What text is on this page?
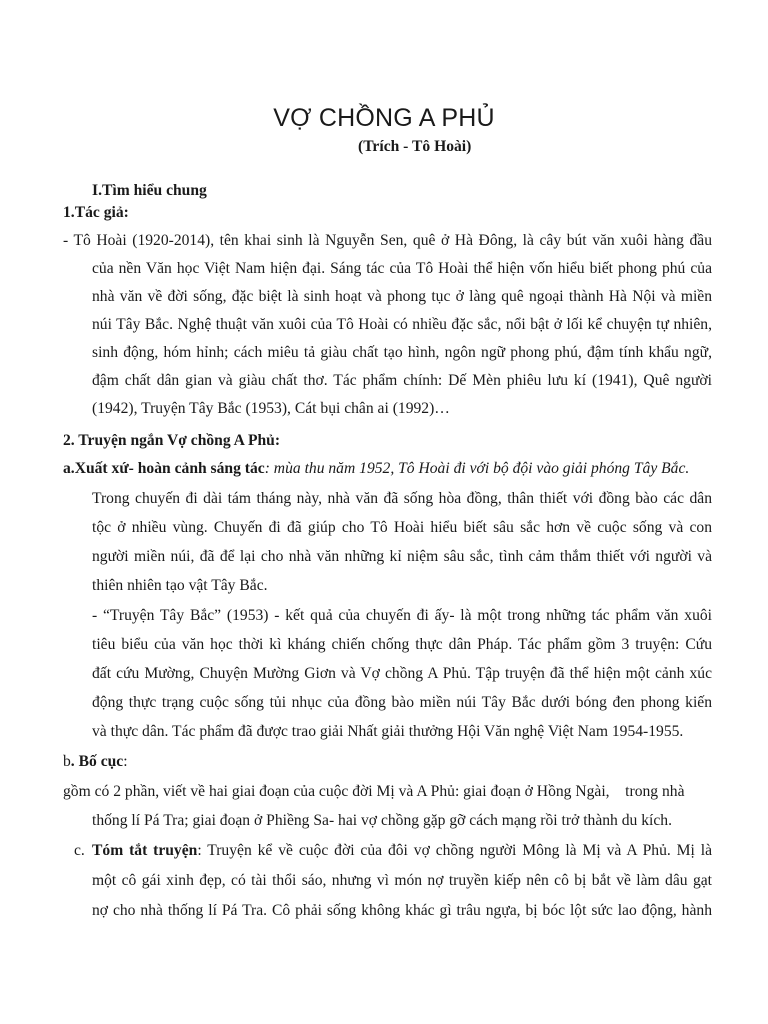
VỢ CHỒNG A PHỦ
(Trích - Tô Hoài)
I.Tìm hiểu chung
1.Tác giả:
- Tô Hoài (1920-2014), tên khai sinh là Nguyễn Sen, quê ở Hà Đông, là cây bút văn xuôi hàng đầu
của nền Văn học Việt Nam hiện đại. Sáng tác của Tô Hoài thể hiện vốn hiểu biết phong phú của
nhà văn về đời sống, đặc biệt là sinh hoạt và phong tục ở làng quê ngoại thành Hà Nội và miền
núi Tây Bắc. Nghệ thuật văn xuôi của Tô Hoài có nhiều đặc sắc, nổi bật ở lối kể chuyện tự nhiên,
sinh động, hóm hỉnh; cách miêu tả giàu chất tạo hình, ngôn ngữ phong phú, đậm tính khẩu ngữ,
đậm chất dân gian và giàu chất thơ. Tác phẩm chính: Dế Mèn phiêu lưu kí (1941), Quê người
(1942), Truyện Tây Bắc (1953), Cát bụi chân ai (1992)…
2. Truyện ngắn Vợ chồng A Phủ:
a.Xuất xứ- hoàn cảnh sáng tác: mùa thu năm 1952, Tô Hoài đi với bộ đội vào giải phóng Tây Bắc.
Trong chuyến đi dài tám tháng này, nhà văn đã sống hòa đồng, thân thiết với đồng bào các dân
tộc ở nhiều vùng. Chuyến đi đã giúp cho Tô Hoài hiểu biết sâu sắc hơn về cuộc sống và con
người miền núi, đã để lại cho nhà văn những kỉ niệm sâu sắc, tình cảm thắm thiết với người và
thiên nhiên tạo vật Tây Bắc.
- “Truyện Tây Bắc” (1953) - kết quả của chuyến đi ấy- là một trong những tác phẩm văn xuôi
tiêu biểu của văn học thời kì kháng chiến chống thực dân Pháp. Tác phẩm gồm 3 truyện: Cứu
đất cứu Mường, Chuyện Mường Giơn và Vợ chồng A Phủ. Tập truyện đã thể hiện một cảnh xúc
động thực trạng cuộc sống tủi nhục của đồng bào miền núi Tây Bắc dưới bóng đen phong kiến
và thực dân. Tác phẩm đã được trao giải Nhất giải thưởng Hội Văn nghệ Việt Nam 1954-1955.
b. Bố cục:
gồm có 2 phần, viết về hai giai đoạn của cuộc đời Mị và A Phủ: giai đoạn ở Hồng Ngài,    trong nhà
thống lí Pá Tra; giai đoạn ở Phiềng Sa- hai vợ chồng gặp gỡ cách mạng rồi trở thành du kích.
c. Tóm tắt truyện: Truyện kể về cuộc đời của đôi vợ chồng người Mông là Mị và A Phủ. Mị là
một cô gái xinh đẹp, có tài thổi sáo, nhưng vì món nợ truyền kiếp nên cô bị bắt về làm dâu gạt
nợ cho nhà thống lí Pá Tra. Cô phải sống không khác gì trâu ngựa, bị bóc lột sức lao động, hành
